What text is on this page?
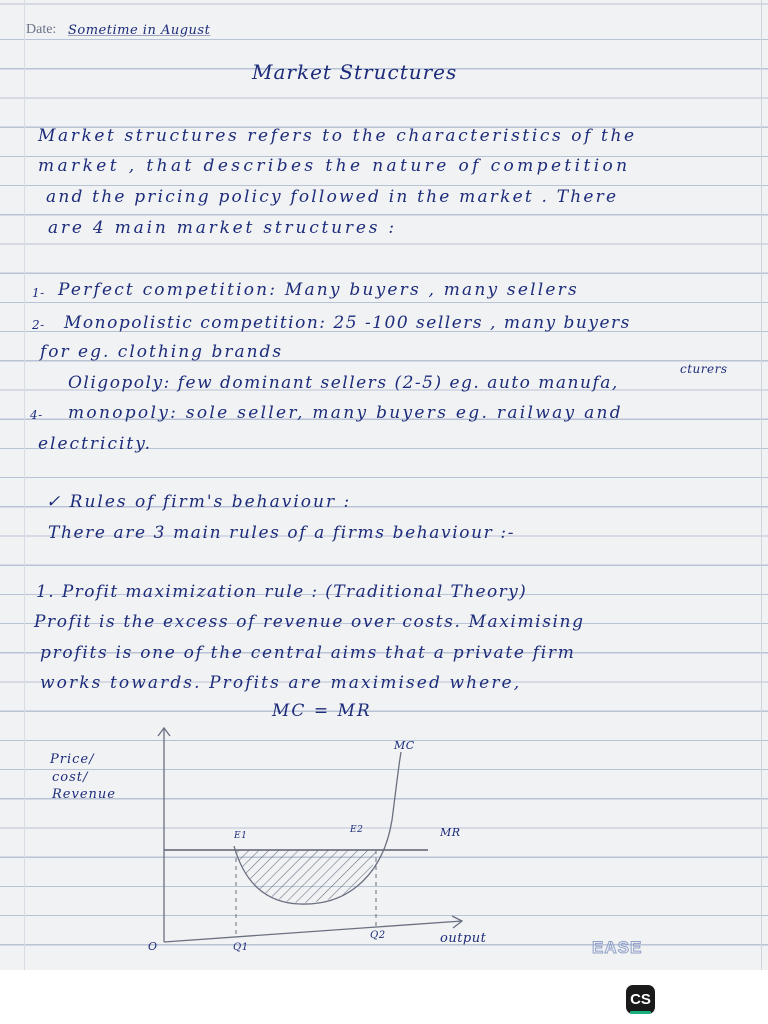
Date: Sometime in August
Market Structures
Market structures refers to the characteristics of the
market , that describes the nature of competition
and the pricing policy followed in the market . There
are 4 main market structures :
1- Perfect competition: Many buyers , many sellers
2- Monopolistic competition: 25 -100 sellers , many buyers
for eg. clothing brands
cturers
Oligopoly: few dominant sellers (2-5) eg. auto manufa,
4- monopoly: sole seller, many buyers eg. railway and
electricity.
✓ Rules of firm's behaviour :
There are 3 main rules of a firms behaviour :-
1. Profit maximization rule : (Traditional Theory)
Profit is the excess of revenue over costs. Maximising
profits is one of the central aims that a private firm
works towards. Profits are maximised where,
MC = MR
Price/
cost/
Revenue
MC
MR
E1
E2
O	Q1
Q2	output	EASE
CS
